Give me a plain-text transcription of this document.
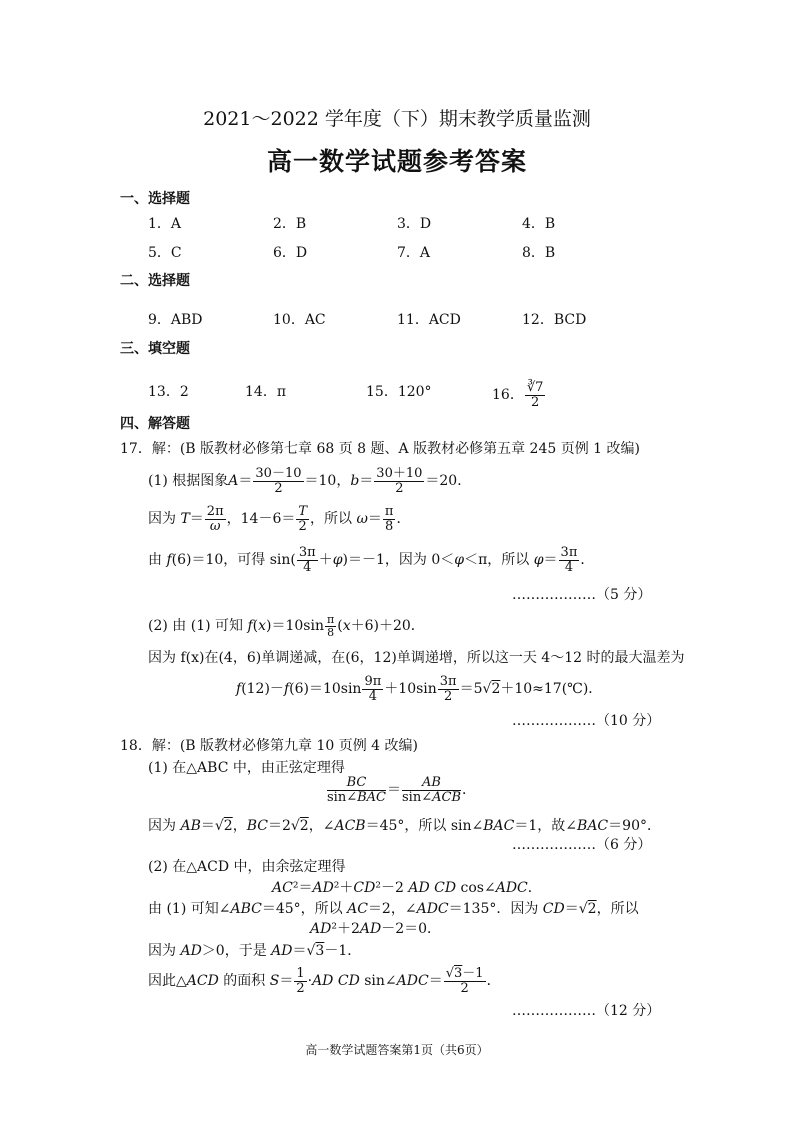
2021～2022 学年度（下）期末教学质量监测
高一数学试题参考答案
一、选择题
1．A	2．B	3．D	4．B
5．C	6．D	7．A	8．B
二、选择题
9．ABD	10．AC	11．ACD	12．BCD
三、填空题
13．2	14．π	15．120°	16． $\frac{∛7}{2}$
四、解答题
17．解：(B 版教材必修第七章 68 页 8 题、A 版教材必修第五章 245 页例 1 改编)
(1) 根据图象$A= \frac{30-10}{2} =10$，$b= \frac{30+10}{2} =20$．
因为 $T= \frac{2\pi}{\omega}$ ，$14-6= \frac{T}{2}$ ，所以 $\omega= \frac{\pi}{8}$ ．
由 f(6)＝10，可得 $\sin( \frac{3\pi}{4} +\varphi)=-1$，因为 0＜φ＜π，所以 $\varphi= \frac{3\pi}{4}$ ．
………………（5 分）
(2) 由 (1) 可知 $f(x)=10\sin \frac{\pi}{8} (x+6)+20$．
因为 f(x)在(4，6)单调递减，在(6，12)单调递增，所以这一天 4～12 时的最大温差为
$f(12)-f(6)=10\sin \frac{9\pi}{4} +10\sin \frac{3\pi}{2}$ ＝5√2＋10≈17(℃)．
………………（10 分）
18．解：(B 版教材必修第九章 10 页例 4 改编)
(1) 在△ABC 中，由正弦定理得
$\frac{BC}{\text{sin∠BAC}} = \frac{AB}{\text{sin∠ACB}}$ ．
因为 AB＝√2，BC＝2√2，∠ACB＝45°，所以 sin∠BAC＝1，故∠BAC＝90°．
………………（6 分）
(2) 在△ACD 中，由余弦定理得
AC²＝AD²＋CD²－2 AD CD cos∠ADC．
由 (1) 可知∠ABC＝45°，所以 AC＝2，∠ADC＝135°．因为 CD＝√2，所以
AD²＋2AD－2＝0．
因为 AD＞0，于是 AD＝√3－1．
因此△ACD 的面积 $S= \frac{1}{2} \cdot AD$ CD sin∠ADC＝ $\frac{√3-1}{2}$ ．
………………（12 分）
高一数学试题答案第1页（共6页）
